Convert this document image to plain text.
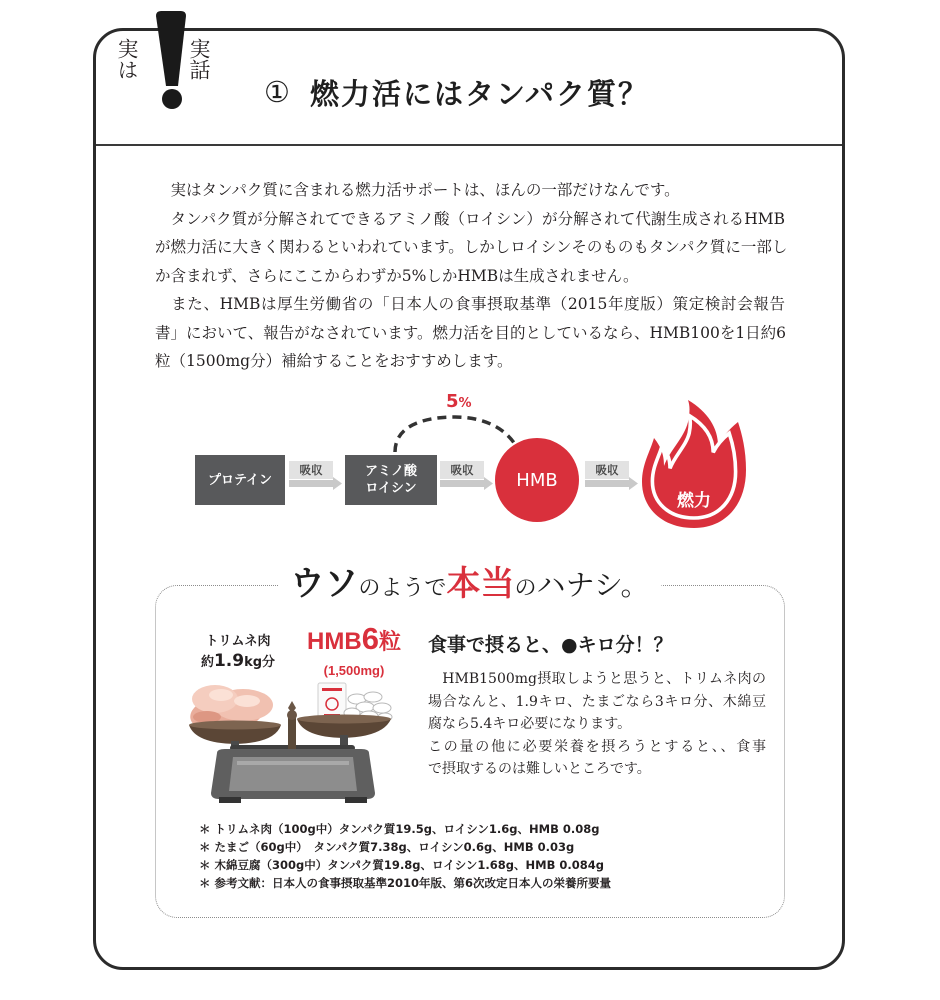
実は 実話
① 燃力活にはタンパク質？
　実はタンパク質に含まれる燃力活サポートは、ほんの一部だけなんです。
　タンパク質が分解されてできるアミノ酸（ロイシン）が分解されて代謝生成されるHMB
が燃力活に大きく関わるといわれています。しかしロイシンそのものもタンパク質に一部し
か含まれず、さらにここからわずか5%しかHMBは生成されません。
　また、HMBは厚生労働省の「日本人の食事摂取基準（2015年度版）策定検討会報告
書」において、報告がなされています。燃力活を目的としているなら、HMB100を1日約6
粒（1500mg分）補給することをおすすめします。
プロテイン
吸収	アミノ酸
ロイシン
吸収
5%
HMB	吸収
燃力
ウソのようで本当のハナシ。
トリムネ肉
約1.9kg分
HMB6粒
(1,500mg)
食事で摂ると、●キロ分！？
　HMB1500mg摂取しようと思うと、トリムネ肉の
場合なんと、1.9キロ、たまごなら3キロ分、木綿豆
腐なら5.4キロ必要になります。
この量の他に必要栄養を摂ろうとすると、、食事
で摂取するのは難しいところです。
＊ トリムネ肉（100g中）タンパク質19.5g、ロイシン1.6g、HMB 0.08g
＊ たまご（60g中）　タンパク質7.38g、ロイシン0.6g、HMB 0.03g
＊ 木綿豆腐（300g中）タンパク質19.8g、ロイシン1.68g、HMB 0.084g
＊ 参考文献：日本人の食事摂取基準2010年版、第6次改定日本人の栄養所要量
